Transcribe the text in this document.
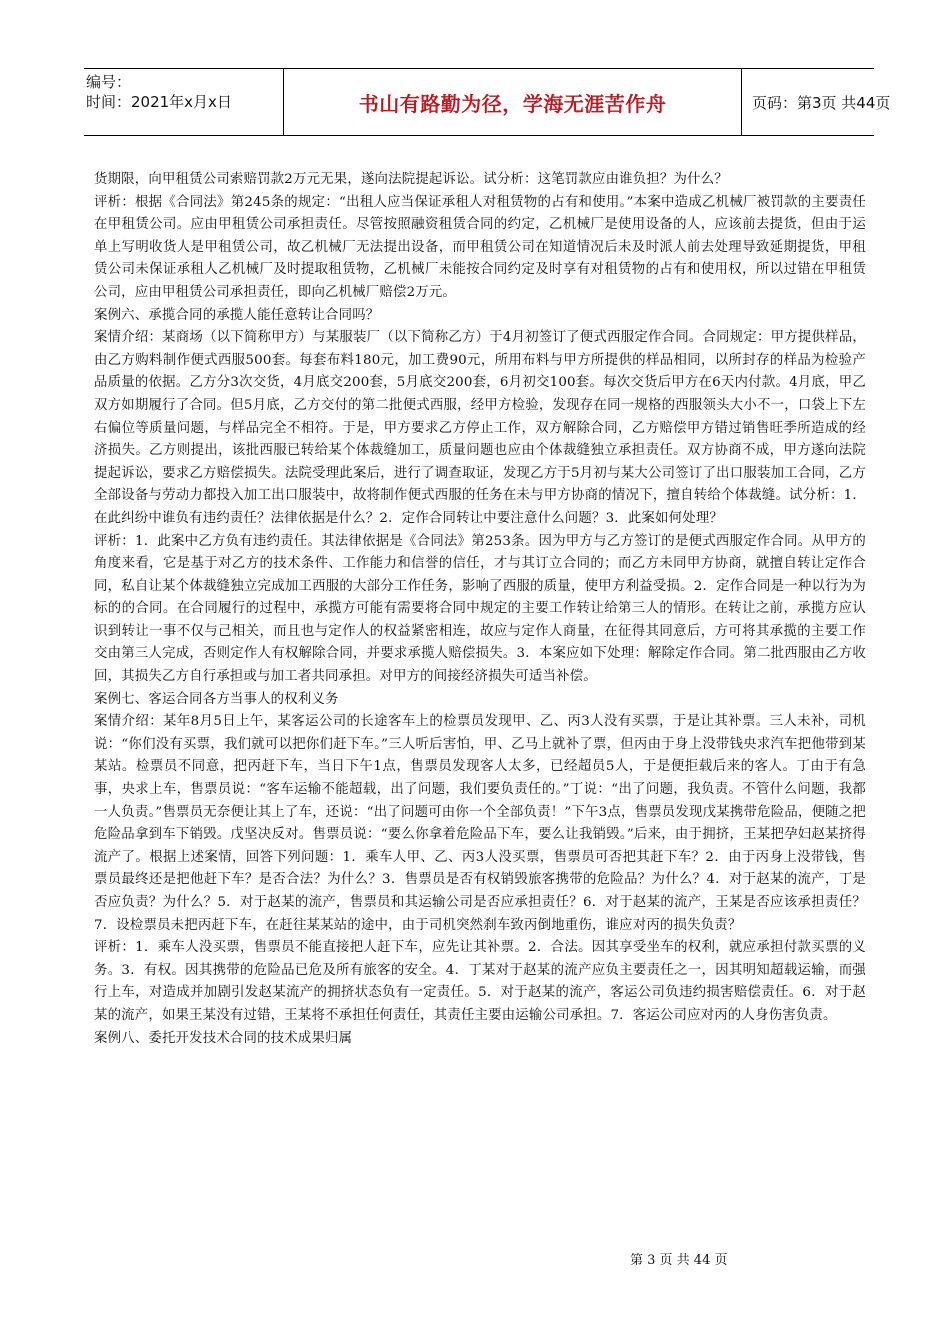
编号：
时间：2021年x月x日	书山有路勤为径，学海无涯苦作舟	页码：第3页 共44页

货期限，向甲租赁公司索赔罚款2万元无果，遂向法院提起诉讼。试分析：这笔罚款应由谁负担？为什么？

评析：根据《合同法》第245条的规定：“出租人应当保证承租人对租赁物的占有和使用。”本案中造成乙机械厂被罚款的主要责任在甲租赁公司。应由甲租赁公司承担责任。尽管按照融资租赁合同的约定，乙机械厂是使用设备的人，应该前去提货，但由于运单上写明收货人是甲租赁公司，故乙机械厂无法提出设备，而甲租赁公司在知道情况后未及时派人前去处理导致延期提货，甲租赁公司未保证承租人乙机械厂及时提取租赁物，乙机械厂未能按合同约定及时享有对租赁物的占有和使用权，所以过错在甲租赁公司，应由甲租赁公司承担责任，即向乙机械厂赔偿2万元。

案例六、承揽合同的承揽人能任意转让合同吗？

案情介绍：某商场（以下简称甲方）与某服装厂（以下简称乙方）于4月初签订了便式西服定作合同。合同规定：甲方提供样品，由乙方购料制作便式西服500套。每套布料180元，加工费90元，所用布料与甲方所提供的样品相同，以所封存的样品为检验产品质量的依据。乙方分3次交货，4月底交200套，5月底交200套，6月初交100套。每次交货后甲方在6天内付款。4月底，甲乙双方如期履行了合同。但5月底，乙方交付的第二批便式西服，经甲方检验，发现存在同一规格的西服领头大小不一，口袋上下左右偏位等质量问题，与样品完全不相符。于是，甲方要求乙方停止工作，双方解除合同，乙方赔偿甲方错过销售旺季所造成的经济损失。乙方则提出，该批西服已转给某个体裁缝加工，质量问题也应由个体裁缝独立承担责任。双方协商不成，甲方遂向法院提起诉讼，要求乙方赔偿损失。法院受理此案后，进行了调查取证，发现乙方于5月初与某大公司签订了出口服装加工合同，乙方全部设备与劳动力都投入加工出口服装中，故将制作便式西服的任务在未与甲方协商的情况下，擅自转给个体裁缝。试分析：1．在此纠纷中谁负有违约责任？法律依据是什么？2．定作合同转让中要注意什么问题？3．此案如何处理？

评析：1．此案中乙方负有违约责任。其法律依据是《合同法》第253条。因为甲方与乙方签订的是便式西服定作合同。从甲方的角度来看，它是基于对乙方的技术条件、工作能力和信誉的信任，才与其订立合同的；而乙方未同甲方协商，就擅自转让定作合同，私自让某个体裁缝独立完成加工西服的大部分工作任务，影响了西服的质量，使甲方利益受损。2．定作合同是一种以行为为标的的合同。在合同履行的过程中，承揽方可能有需要将合同中规定的主要工作转让给第三人的情形。在转让之前，承揽方应认识到转让一事不仅与己相关，而且也与定作人的权益紧密相连，故应与定作人商量，在征得其同意后，方可将其承揽的主要工作交由第三人完成，否则定作人有权解除合同，并要求承揽人赔偿损失。3．本案应如下处理：解除定作合同。第二批西服由乙方收回，其损失乙方自行承担或与加工者共同承担。对甲方的间接经济损失可适当补偿。

案例七、客运合同各方当事人的权利义务

案情介绍：某年8月5日上午，某客运公司的长途客车上的检票员发现甲、乙、丙3人没有买票，于是让其补票。三人未补，司机说：“你们没有买票，我们就可以把你们赶下车。”三人听后害怕，甲、乙马上就补了票，但丙由于身上没带钱央求汽车把他带到某某站。检票员不同意，把丙赶下车，当日下午1点，售票员发现客人太多，已经超员5人，于是便拒载后来的客人。丁由于有急事，央求上车，售票员说：“客车运输不能超载，出了问题，我们要负责任的。”丁说：“出了问题，我负责。不管什么问题，我都一人负责。”售票员无奈便让其上了车，还说：“出了问题可由你一个全部负责！”下午3点，售票员发现戊某携带危险品，便随之把危险品拿到车下销毁。戊坚决反对。售票员说：“要么你拿着危险品下车，要么让我销毁。”后来，由于拥挤，王某把孕妇赵某挤得流产了。根据上述案情，回答下列问题：1．乘车人甲、乙、丙3人没买票，售票员可否把其赶下车？2．由于丙身上没带钱，售票员最终还是把他赶下车？是否合法？为什么？3．售票员是否有权销毁旅客携带的危险品？为什么？4．对于赵某的流产，丁是否应负责？为什么？5．对于赵某的流产，售票员和其运输公司是否应承担责任？6．对于赵某的流产，王某是否应该承担责任？7．设检票员未把丙赶下车，在赶往某某站的途中，由于司机突然刹车致丙倒地重伤，谁应对丙的损失负责？

评析：1．乘车人没买票，售票员不能直接把人赶下车，应先让其补票。2．合法。因其享受坐车的权利，就应承担付款买票的义务。3．有权。因其携带的危险品已危及所有旅客的安全。4．丁某对于赵某的流产应负主要责任之一，因其明知超载运输，而强行上车，对造成并加剧引发赵某流产的拥挤状态负有一定责任。5．对于赵某的流产，客运公司负违约损害赔偿责任。6．对于赵某的流产，如果王某没有过错，王某将不承担任何责任，其责任主要由运输公司承担。7．客运公司应对丙的人身伤害负责。

案例八、委托开发技术合同的技术成果归属

第 3 页 共 44 页
